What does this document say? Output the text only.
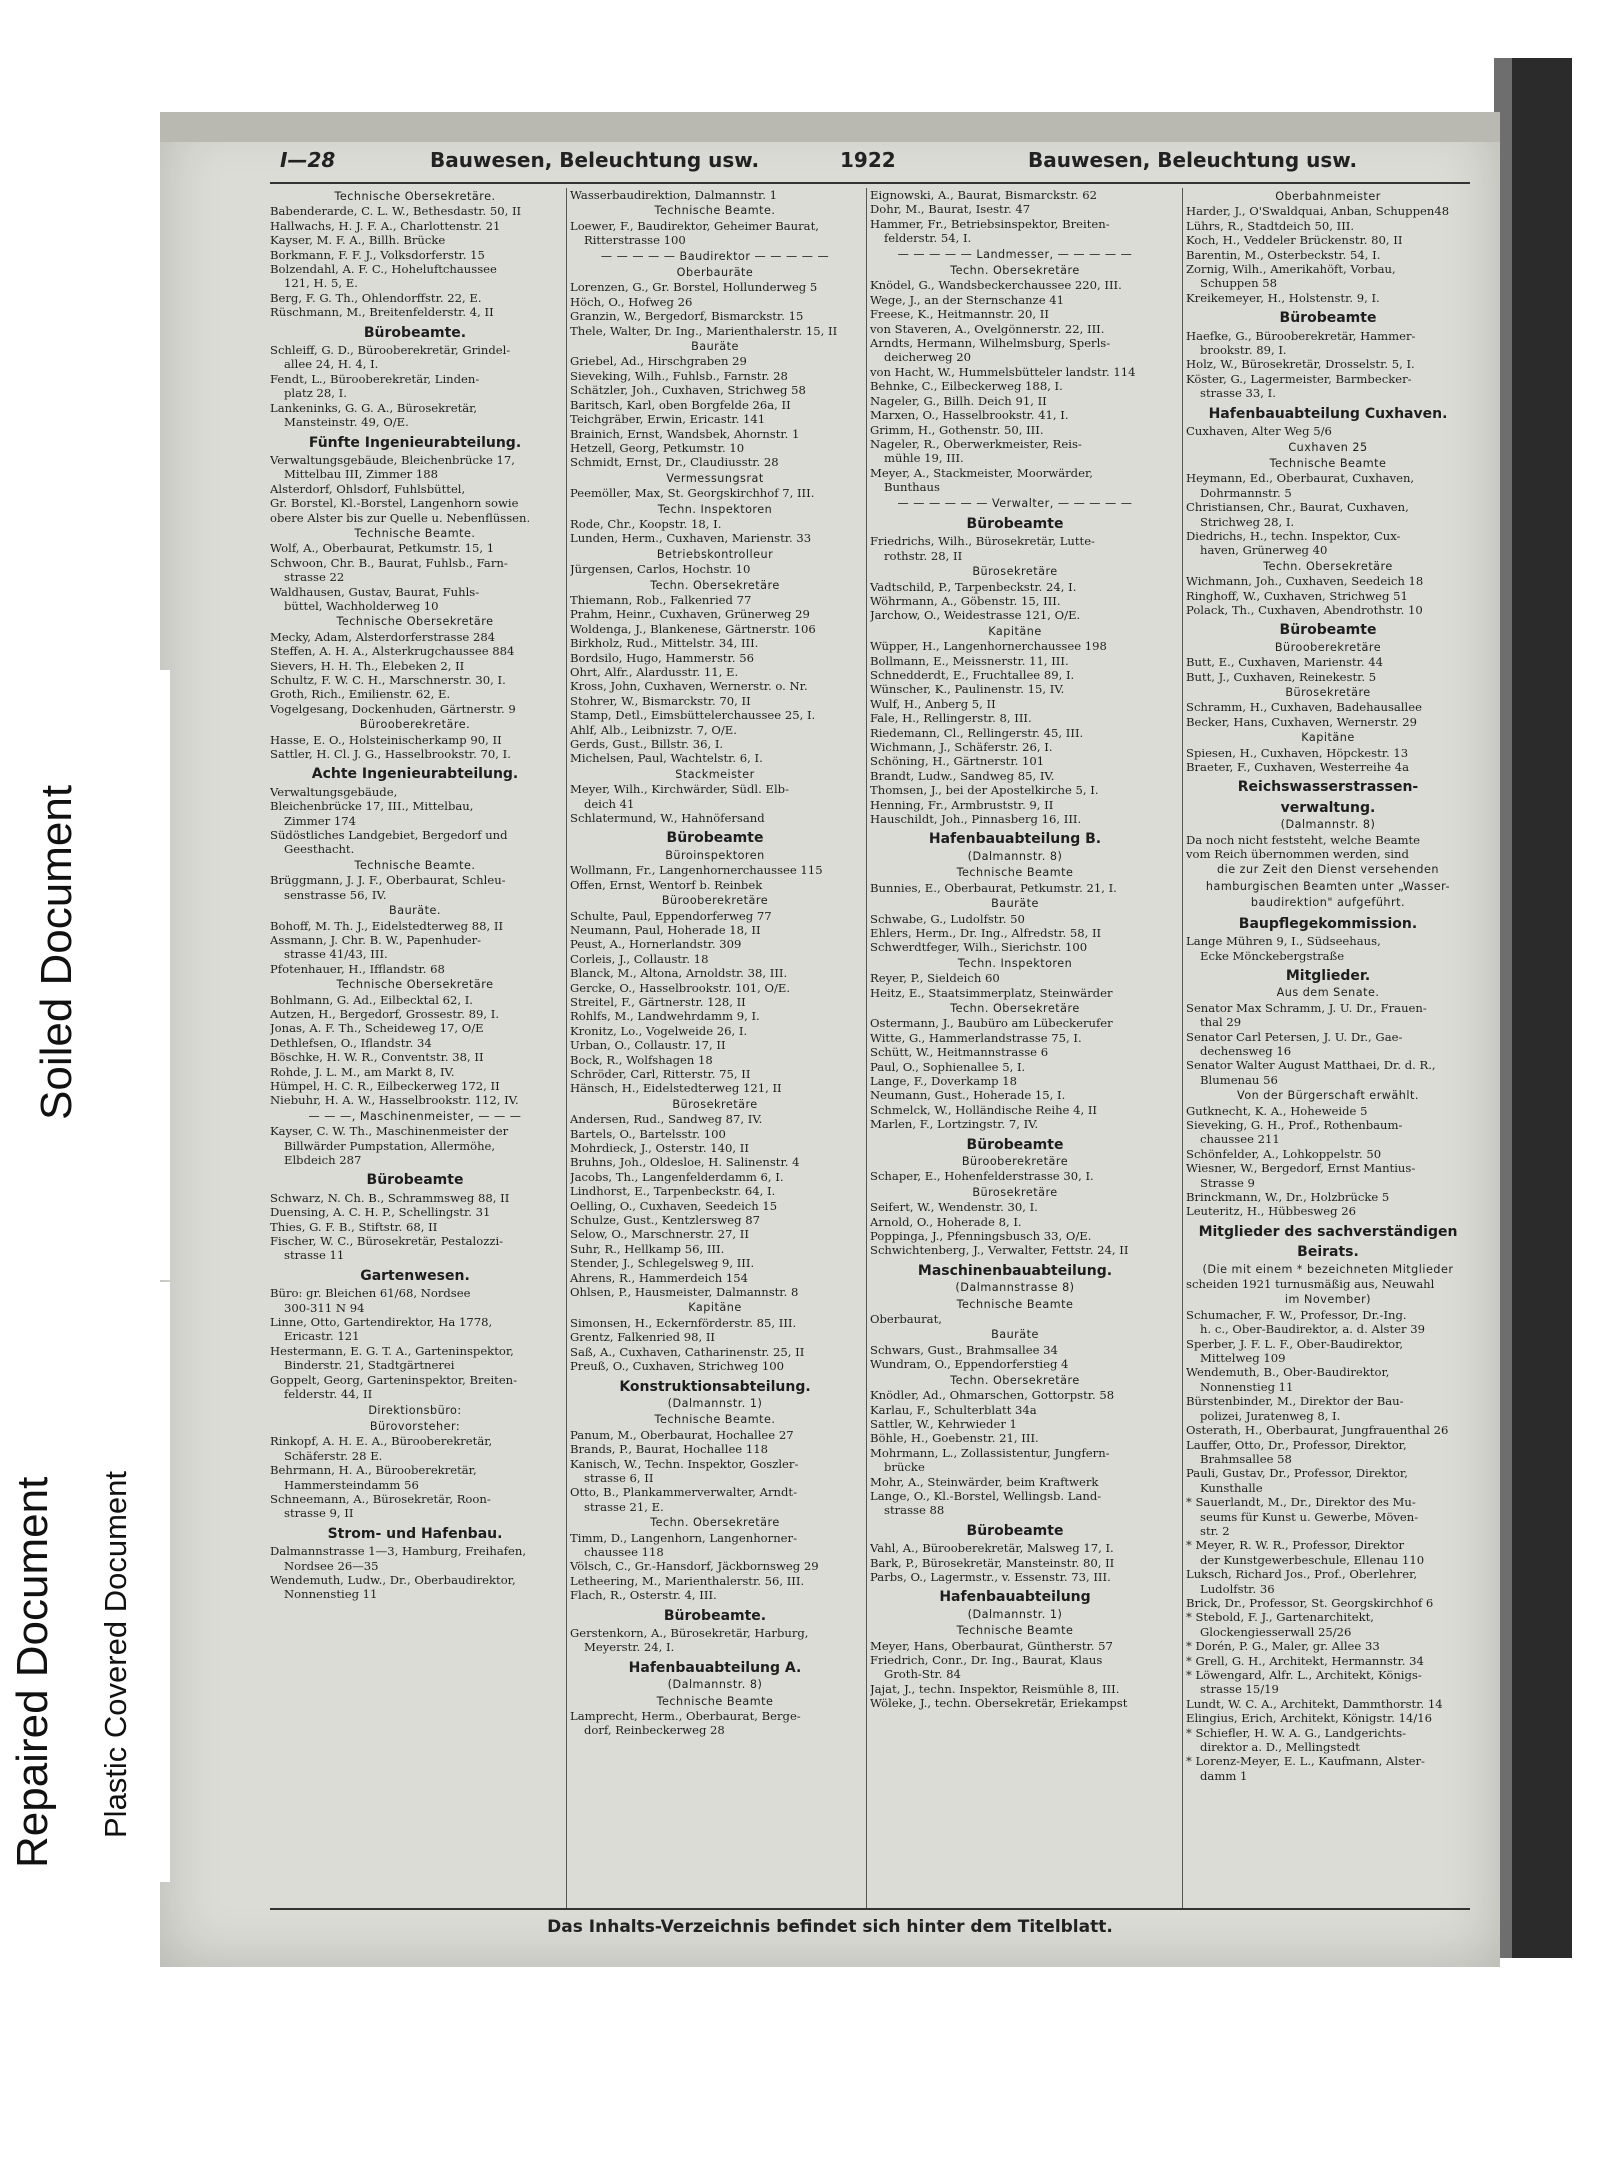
I—28	Bauwesen, Beleuchtung usw.	1922	Bauwesen, Beleuchtung usw.
Technische Obersekretäre.
Babenderarde, C. L. W., Bethesdastr. 50, II
Hallwachs, H. J. F. A., Charlottenstr. 21
Kayser, M. F. A., Billh. Brücke
Borkmann, F. F. J., Volksdorferstr. 15
Bolzendahl, A. F. C., Hoheluftchaussee
121, H. 5, E.
Berg, F. G. Th., Ohlendorffstr. 22, E.
Rüschmann, M., Breitenfelderstr. 4, II
Bürobeamte.
Schleiff, G. D., Bürooberekretär, Grindel-
allee 24, H. 4, I.
Fendt, L., Bürooberekretär, Linden-
platz 28, I.
Lankeninks, G. G. A., Bürosekretär,
Mansteinstr. 49, O/E.
Fünfte Ingenieurabteilung.
Verwaltungsgebäude, Bleichenbrücke 17,
Mittelbau III, Zimmer 188
Alsterdorf, Ohlsdorf, Fuhlsbüttel,
Gr. Borstel, Kl.-Borstel, Langenhorn sowie
obere Alster bis zur Quelle u. Nebenflüssen.
Technische Beamte.
Wolf, A., Oberbaurat, Petkumstr. 15, 1
Schwoon, Chr. B., Baurat, Fuhlsb., Farn-
strasse 22
Waldhausen, Gustav, Baurat, Fuhls-
büttel, Wachholderweg 10
Technische Obersekretäre
Mecky, Adam, Alsterdorferstrasse 284
Steffen, A. H. A., Alsterkrugchaussee 884
Sievers, H. H. Th., Elebeken 2, II
Schultz, F. W. C. H., Marschnerstr. 30, I.
Groth, Rich., Emilienstr. 62, E.
Vogelgesang, Dockenhuden, Gärtnerstr. 9
Bürooberekretäre.
Hasse, E. O., Holsteinischerkamp 90, II
Sattler, H. Cl. J. G., Hasselbrookstr. 70, I.
Achte Ingenieurabteilung.
Verwaltungsgebäude,
Bleichenbrücke 17, III., Mittelbau,
Zimmer 174
Südöstliches Landgebiet, Bergedorf und
Geesthacht.
Technische Beamte.
Brüggmann, J. J. F., Oberbaurat, Schleu-
senstrasse 56, IV.
Bauräte.
Bohoff, M. Th. J., Eidelstedterweg 88, II
Assmann, J. Chr. B. W., Papenhuder-
strasse 41/43, III.
Pfotenhauer, H., Ifflandstr. 68
Technische Obersekretäre
Bohlmann, G. Ad., Eilbecktal 62, I.
Autzen, H., Bergedorf, Grossestr. 89, I.
Jonas, A. F. Th., Scheideweg 17, O/E
Dethlefsen, O., Iflandstr. 34
Böschke, H. W. R., Conventstr. 38, II
Rohde, J. L. M., am Markt 8, IV.
Hümpel, H. C. R., Eilbeckerweg 172, II
Niebuhr, H. A. W., Hasselbrookstr. 112, IV.
— — —, Maschinenmeister, — — —
Kayser, C. W. Th., Maschinenmeister der
Billwärder Pumpstation, Allermöhe,
Elbdeich 287
Bürobeamte
Schwarz, N. Ch. B., Schrammsweg 88, II
Duensing, A. C. H. P., Schellingstr. 31
Thies, G. F. B., Stiftstr. 68, II
Fischer, W. C., Bürosekretär, Pestalozzi-
strasse 11
Gartenwesen.
Büro: gr. Bleichen 61/68, Nordsee
300-311 N 94
Linne, Otto, Gartendirektor, Ha 1778,
Ericastr. 121
Hestermann, E. G. T. A., Garteninspektor,
Binderstr. 21, Stadtgärtnerei
Goppelt, Georg, Garteninspektor, Breiten-
felderstr. 44, II
Direktionsbüro:
Bürovorsteher:
Rinkopf, A. H. E. A., Bürooberekretär,
Schäferstr. 28 E.
Behrmann, H. A., Bürooberekretär,
Hammersteindamm 56
Schneemann, A., Bürosekretär, Roon-
strasse 9, II
Strom- und Hafenbau.
Dalmannstrasse 1—3, Hamburg, Freihafen,
Nordsee 26—35
Wendemuth, Ludw., Dr., Oberbaudirektor,
Nonnenstieg 11
Wasserbaudirektion, Dalmannstr. 1
Technische Beamte.
Loewer, F., Baudirektor, Geheimer Baurat,
Ritterstrasse 100
— — — — — Baudirektor — — — — —
Oberbauräte
Lorenzen, G., Gr. Borstel, Hollunderweg 5
Höch, O., Hofweg 26
Granzin, W., Bergedorf, Bismarckstr. 15
Thele, Walter, Dr. Ing., Marienthalerstr. 15, II
Bauräte
Griebel, Ad., Hirschgraben 29
Sieveking, Wilh., Fuhlsb., Farnstr. 28
Schätzler, Joh., Cuxhaven, Strichweg 58
Baritsch, Karl, oben Borgfelde 26a, II
Teichgräber, Erwin, Ericastr. 141
Brainich, Ernst, Wandsbek, Ahornstr. 1
Hetzell, Georg, Petkumstr. 10
Schmidt, Ernst, Dr., Claudiusstr. 28
Vermessungsrat
Peemöller, Max, St. Georgskirchhof 7, III.
Techn. Inspektoren
Rode, Chr., Koopstr. 18, I.
Lunden, Herm., Cuxhaven, Marienstr. 33
Betriebskontrolleur
Jürgensen, Carlos, Hochstr. 10
Techn. Obersekretäre
Thiemann, Rob., Falkenried 77
Prahm, Heinr., Cuxhaven, Grünerweg 29
Woldenga, J., Blankenese, Gärtnerstr. 106
Birkholz, Rud., Mittelstr. 34, III.
Bordsilo, Hugo, Hammerstr. 56
Ohrt, Alfr., Alardusstr. 11, E.
Kross, John, Cuxhaven, Wernerstr. o. Nr.
Stohrer, W., Bismarckstr. 70, II
Stamp, Detl., Eimsbüttelerchaussee 25, I.
Ahlf, Alb., Leibnizstr. 7, O/E.
Gerds, Gust., Billstr. 36, I.
Michelsen, Paul, Wachtelstr. 6, I.
Stackmeister
Meyer, Wilh., Kirchwärder, Südl. Elb-
deich 41
Schlatermund, W., Hahnöfersand
Bürobeamte
Büroinspektoren
Wollmann, Fr., Langenhornerchaussee 115
Offen, Ernst, Wentorf b. Reinbek
Bürooberekretäre
Schulte, Paul, Eppendorferweg 77
Neumann, Paul, Hoherade 18, II
Peust, A., Hornerlandstr. 309
Corleis, J., Collaustr. 18
Blanck, M., Altona, Arnoldstr. 38, III.
Gercke, O., Hasselbrookstr. 101, O/E.
Streitel, F., Gärtnerstr. 128, II
Rohlfs, M., Landwehrdamm 9, I.
Kronitz, Lo., Vogelweide 26, I.
Urban, O., Collaustr. 17, II
Bock, R., Wolfshagen 18
Schröder, Carl, Ritterstr. 75, II
Hänsch, H., Eidelstedterweg 121, II
Bürosekretäre
Andersen, Rud., Sandweg 87, IV.
Bartels, O., Bartelsstr. 100
Mohrdieck, J., Osterstr. 140, II
Bruhns, Joh., Oldesloe, H. Salinenstr. 4
Jacobs, Th., Langenfelderdamm 6, I.
Lindhorst, E., Tarpenbeckstr. 64, I.
Oelling, O., Cuxhaven, Seedeich 15
Schulze, Gust., Kentzlersweg 87
Selow, O., Marschnerstr. 27, II
Suhr, R., Hellkamp 56, III.
Stender, J., Schlegelsweg 9, III.
Ahrens, R., Hammerdeich 154
Ohlsen, P., Hausmeister, Dalmannstr. 8
Kapitäne
Simonsen, H., Eckernförderstr. 85, III.
Grentz, Falkenried 98, II
Saß, A., Cuxhaven, Catharinenstr. 25, II
Preuß, O., Cuxhaven, Strichweg 100
Konstruktionsabteilung.
(Dalmannstr. 1)
Technische Beamte.
Panum, M., Oberbaurat, Hochallee 27
Brands, P., Baurat, Hochallee 118
Kanisch, W., Techn. Inspektor, Goszler-
strasse 6, II
Otto, B., Plankammerverwalter, Arndt-
strasse 21, E.
Techn. Obersekretäre
Timm, D., Langenhorn, Langenhorner-
chaussee 118
Völsch, C., Gr.-Hansdorf, Jäckbornsweg 29
Letheering, M., Marienthalerstr. 56, III.
Flach, R., Osterstr. 4, III.
Bürobeamte.
Gerstenkorn, A., Bürosekretär, Harburg,
Meyerstr. 24, I.
Hafenbauabteilung A.
(Dalmannstr. 8)
Technische Beamte
Lamprecht, Herm., Oberbaurat, Berge-
dorf, Reinbeckerweg 28
Eignowski, A., Baurat, Bismarckstr. 62
Dohr, M., Baurat, Isestr. 47
Hammer, Fr., Betriebsinspektor, Breiten-
felderstr. 54, I.
— — — — — Landmesser, — — — — —
Techn. Obersekretäre
Knödel, G., Wandsbeckerchaussee 220, III.
Wege, J., an der Sternschanze 41
Freese, K., Heitmannstr. 20, II
von Staveren, A., Ovelgönnerstr. 22, III.
Arndts, Hermann, Wilhelmsburg, Sperls-
deicherweg 20
von Hacht, W., Hummelsbütteler landstr. 114
Behnke, C., Eilbeckerweg 188, I.
Nageler, G., Billh. Deich 91, II
Marxen, O., Hasselbrookstr. 41, I.
Grimm, H., Gothenstr. 50, III.
Nageler, R., Oberwerkmeister, Reis-
mühle 19, III.
Meyer, A., Stackmeister, Moorwärder,
Bunthaus
— — — — — — Verwalter, — — — — —
Bürobeamte
Friedrichs, Wilh., Bürosekretär, Lutte-
rothstr. 28, II
Bürosekretäre
Vadtschild, P., Tarpenbeckstr. 24, I.
Wöhrmann, A., Göbenstr. 15, III.
Jarchow, O., Weidestrasse 121, O/E.
Kapitäne
Wüpper, H., Langenhornerchaussee 198
Bollmann, E., Meissnerstr. 11, III.
Schnedderdt, E., Fruchtallee 89, I.
Wünscher, K., Paulinenstr. 15, IV.
Wulf, H., Anberg 5, II
Fale, H., Rellingerstr. 8, III.
Riedemann, Cl., Rellingerstr. 45, III.
Wichmann, J., Schäferstr. 26, I.
Schöning, H., Gärtnerstr. 101
Brandt, Ludw., Sandweg 85, IV.
Thomsen, J., bei der Apostelkirche 5, I.
Henning, Fr., Armbruststr. 9, II
Hauschildt, Joh., Pinnasberg 16, III.
Hafenbauabteilung B.
(Dalmannstr. 8)
Technische Beamte
Bunnies, E., Oberbaurat, Petkumstr. 21, I.
Bauräte
Schwabe, G., Ludolfstr. 50
Ehlers, Herm., Dr. Ing., Alfredstr. 58, II
Schwerdtfeger, Wilh., Sierichstr. 100
Techn. Inspektoren
Reyer, P., Sieldeich 60
Heitz, E., Staatsimmerplatz, Steinwärder
Techn. Obersekretäre
Ostermann, J., Baubüro am Lübeckerufer
Witte, G., Hammerlandstrasse 75, I.
Schütt, W., Heitmannstrasse 6
Paul, O., Sophienallee 5, I.
Lange, F., Doverkamp 18
Neumann, Gust., Hoherade 15, I.
Schmelck, W., Holländische Reihe 4, II
Marlen, F., Lortzingstr. 7, IV.
Bürobeamte
Bürooberekretäre
Schaper, E., Hohenfelderstrasse 30, I.
Bürosekretäre
Seifert, W., Wendenstr. 30, I.
Arnold, O., Hoherade 8, I.
Poppinga, J., Pfenningsbusch 33, O/E.
Schwichtenberg, J., Verwalter, Fettstr. 24, II
Maschinenbauabteilung.
(Dalmannstrasse 8)
Technische Beamte
Oberbaurat,
Bauräte
Schwars, Gust., Brahmsallee 34
Wundram, O., Eppendorferstieg 4
Techn. Obersekretäre
Knödler, Ad., Ohmarschen, Gottorpstr. 58
Karlau, F., Schulterblatt 34a
Sattler, W., Kehrwieder 1
Böhle, H., Goebenstr. 21, III.
Mohrmann, L., Zollassistentur, Jungfern-
brücke
Mohr, A., Steinwärder, beim Kraftwerk
Lange, O., Kl.-Borstel, Wellingsb. Land-
strasse 88
Bürobeamte
Vahl, A., Bürooberekretär, Malsweg 17, I.
Bark, P., Bürosekretär, Mansteinstr. 80, II
Parbs, O., Lagermstr., v. Essenstr. 73, III.
Hafenbauabteilung
(Dalmannstr. 1)
Technische Beamte
Meyer, Hans, Oberbaurat, Güntherstr. 57
Friedrich, Conr., Dr. Ing., Baurat, Klaus
Groth-Str. 84
Jajat, J., techn. Inspektor, Reismühle 8, III.
Wöleke, J., techn. Obersekretär, Eriekampst
Oberbahnmeister
Harder, J., O'Swaldquai, Anban, Schuppen48
Lührs, R., Stadtdeich 50, III.
Koch, H., Veddeler Brückenstr. 80, II
Barentin, M., Osterbeckstr. 54, I.
Zornig, Wilh., Amerikahöft, Vorbau,
Schuppen 58
Kreikemeyer, H., Holstenstr. 9, I.
Bürobeamte
Haefke, G., Bürooberekretär, Hammer-
brookstr. 89, I.
Holz, W., Bürosekretär, Drosselstr. 5, I.
Köster, G., Lagermeister, Barmbecker-
strasse 33, I.
Hafenbauabteilung Cuxhaven.
Cuxhaven, Alter Weg 5/6
Cuxhaven 25
Technische Beamte
Heymann, Ed., Oberbaurat, Cuxhaven,
Dohrmannstr. 5
Christiansen, Chr., Baurat, Cuxhaven,
Strichweg 28, I.
Diedrichs, H., techn. Inspektor, Cux-
haven, Grünerweg 40
Techn. Obersekretäre
Wichmann, Joh., Cuxhaven, Seedeich 18
Ringhoff, W., Cuxhaven, Strichweg 51
Polack, Th., Cuxhaven, Abendrothstr. 10
Bürobeamte
Bürooberekretäre
Butt, E., Cuxhaven, Marienstr. 44
Butt, J., Cuxhaven, Reinekestr. 5
Bürosekretäre
Schramm, H., Cuxhaven, Badehausallee
Becker, Hans, Cuxhaven, Wernerstr. 29
Kapitäne
Spiesen, H., Cuxhaven, Höpckestr. 13
Braeter, F., Cuxhaven, Westerreihe 4a
Reichswasserstrassen-
verwaltung.
(Dalmannstr. 8)
Da noch nicht feststeht, welche Beamte
vom Reich übernommen werden, sind
die zur Zeit den Dienst versehenden
hamburgischen Beamten unter „Wasser-
baudirektion" aufgeführt.
Baupflegekommission.
Lange Mühren 9, I., Südseehaus,
Ecke Mönckebergstraße
Mitglieder.
Aus dem Senate.
Senator Max Schramm, J. U. Dr., Frauen-
thal 29
Senator Carl Petersen, J. U. Dr., Gae-
dechensweg 16
Senator Walter August Matthaei, Dr. d. R.,
Blumenau 56
Von der Bürgerschaft erwählt.
Gutknecht, K. A., Hoheweide 5
Sieveking, G. H., Prof., Rothenbaum-
chaussee 211
Schönfelder, A., Lohkoppelstr. 50
Wiesner, W., Bergedorf, Ernst Mantius-
Strasse 9
Brinckmann, W., Dr., Holzbrücke 5
Leuteritz, H., Hübbesweg 26
Mitglieder des sachverständigen
Beirats.
(Die mit einem * bezeichneten Mitglieder
scheiden 1921 turnusmäßig aus, Neuwahl
im November)
Schumacher, F. W., Professor, Dr.-Ing.
h. c., Ober-Baudirektor, a. d. Alster 39
Sperber, J. F. L. F., Ober-Baudirektor,
Mittelweg 109
Wendemuth, B., Ober-Baudirektor,
Nonnenstieg 11
Bürstenbinder, M., Direktor der Bau-
polizei, Juratenweg 8, I.
Osterath, H., Oberbaurat, Jungfrauenthal 26
Lauffer, Otto, Dr., Professor, Direktor,
Brahmsallee 58
Pauli, Gustav, Dr., Professor, Direktor,
Kunsthalle
* Sauerlandt, M., Dr., Direktor des Mu-
seums für Kunst u. Gewerbe, Möven-
str. 2
* Meyer, R. W. R., Professor, Direktor
der Kunstgewerbeschule, Ellenau 110
Luksch, Richard Jos., Prof., Oberlehrer,
Ludolfstr. 36
Brick, Dr., Professor, St. Georgskirchhof 6
* Stebold, F. J., Gartenarchitekt,
Glockengiesserwall 25/26
* Dorén, P. G., Maler, gr. Allee 33
* Grell, G. H., Architekt, Hermannstr. 34
* Löwengard, Alfr. L., Architekt, Königs-
strasse 15/19
Lundt, W. C. A., Architekt, Dammthorstr. 14
Elingius, Erich, Architekt, Königstr. 14/16
* Schiefler, H. W. A. G., Landgerichts-
direktor a. D., Mellingstedt
* Lorenz-Meyer, E. L., Kaufmann, Alster-
damm 1
Das Inhalts-Verzeichnis befindet sich hinter dem Titelblatt.
Soiled Document
Repaired Document Plastic Covered Document
